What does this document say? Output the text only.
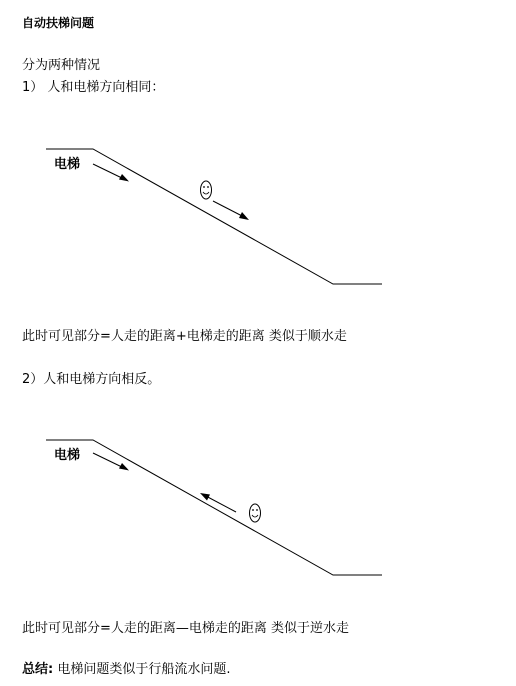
自动扶梯问题
分为两种情况
1） 人和电梯方向相同：
电梯
此时可见部分=人走的距离+电梯走的距离 类似于顺水走
2）人和电梯方向相反。
电梯
此时可见部分=人走的距离—电梯走的距离 类似于逆水走
总结: 电梯问题类似于行船流水问题.
